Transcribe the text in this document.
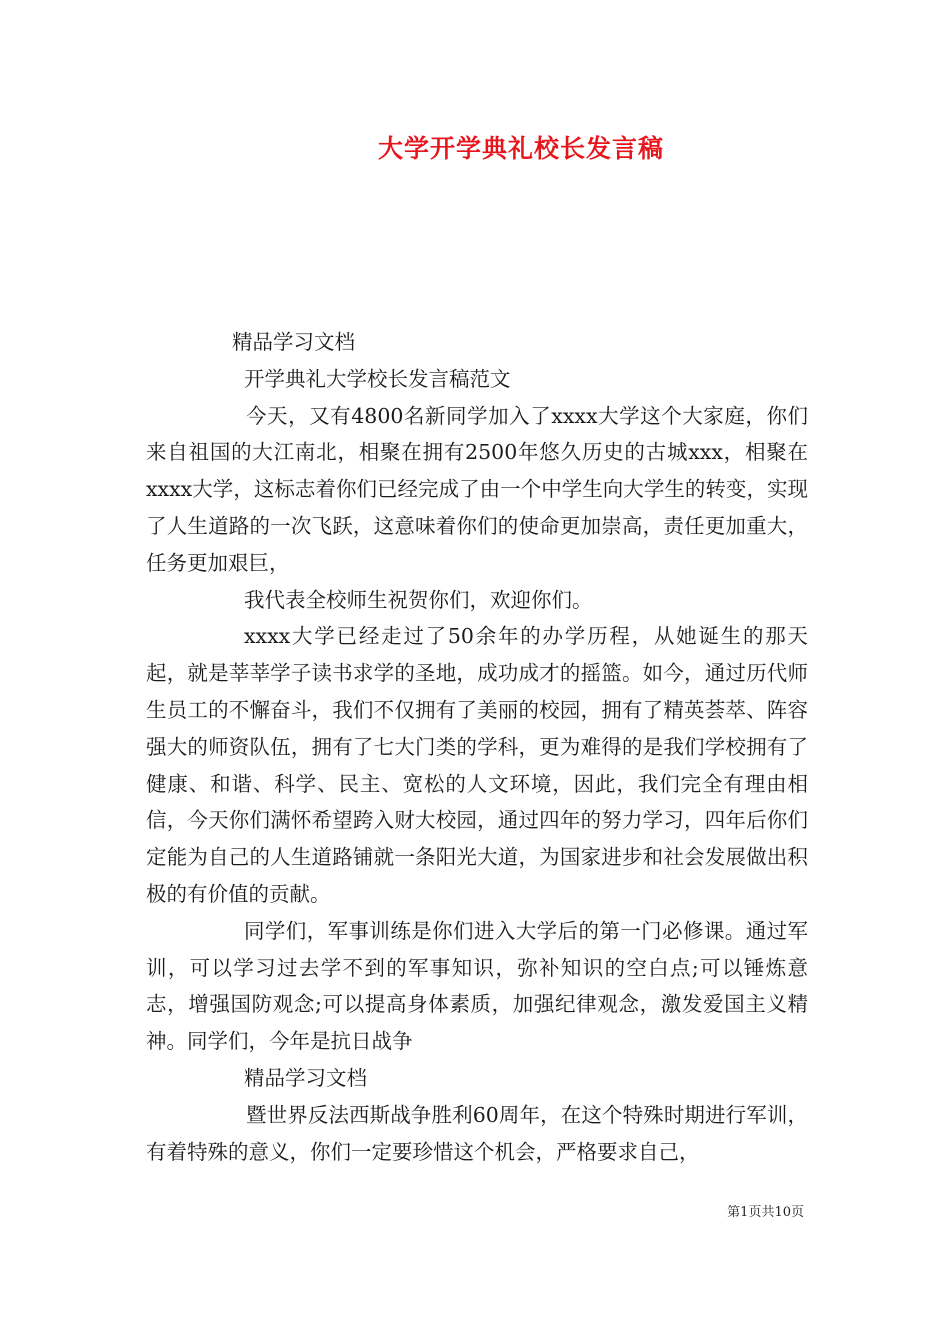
大学开学典礼校长发言稿

精品学习文档

开学典礼大学校长发言稿范文

今天，又有4800名新同学加入了xxxx大学这个大家庭，你们来自祖国的大江南北，相聚在拥有2500年悠久历史的古城xxx，相聚在xxxx大学，这标志着你们已经完成了由一个中学生向大学生的转变，实现了人生道路的一次飞跃，这意味着你们的使命更加崇高，责任更加重大，任务更加艰巨，

我代表全校师生祝贺你们，欢迎你们。

xxxx大学已经走过了50余年的办学历程，从她诞生的那天起，就是莘莘学子读书求学的圣地，成功成才的摇篮。如今，通过历代师生员工的不懈奋斗，我们不仅拥有了美丽的校园，拥有了精英荟萃、阵容强大的师资队伍，拥有了七大门类的学科，更为难得的是我们学校拥有了健康、和谐、科学、民主、宽松的人文环境，因此，我们完全有理由相信，今天你们满怀希望跨入财大校园，通过四年的努力学习，四年后你们定能为自己的人生道路铺就一条阳光大道，为国家进步和社会发展做出积极的有价值的贡献。

同学们，军事训练是你们进入大学后的第一门必修课。通过军训，可以学习过去学不到的军事知识，弥补知识的空白点;可以锤炼意志，增强国防观念;可以提高身体素质，加强纪律观念，激发爱国主义精神。同学们，今年是抗日战争

精品学习文档

暨世界反法西斯战争胜利60周年，在这个特殊时期进行军训，有着特殊的意义，你们一定要珍惜这个机会，严格要求自己，

第1页共10页
